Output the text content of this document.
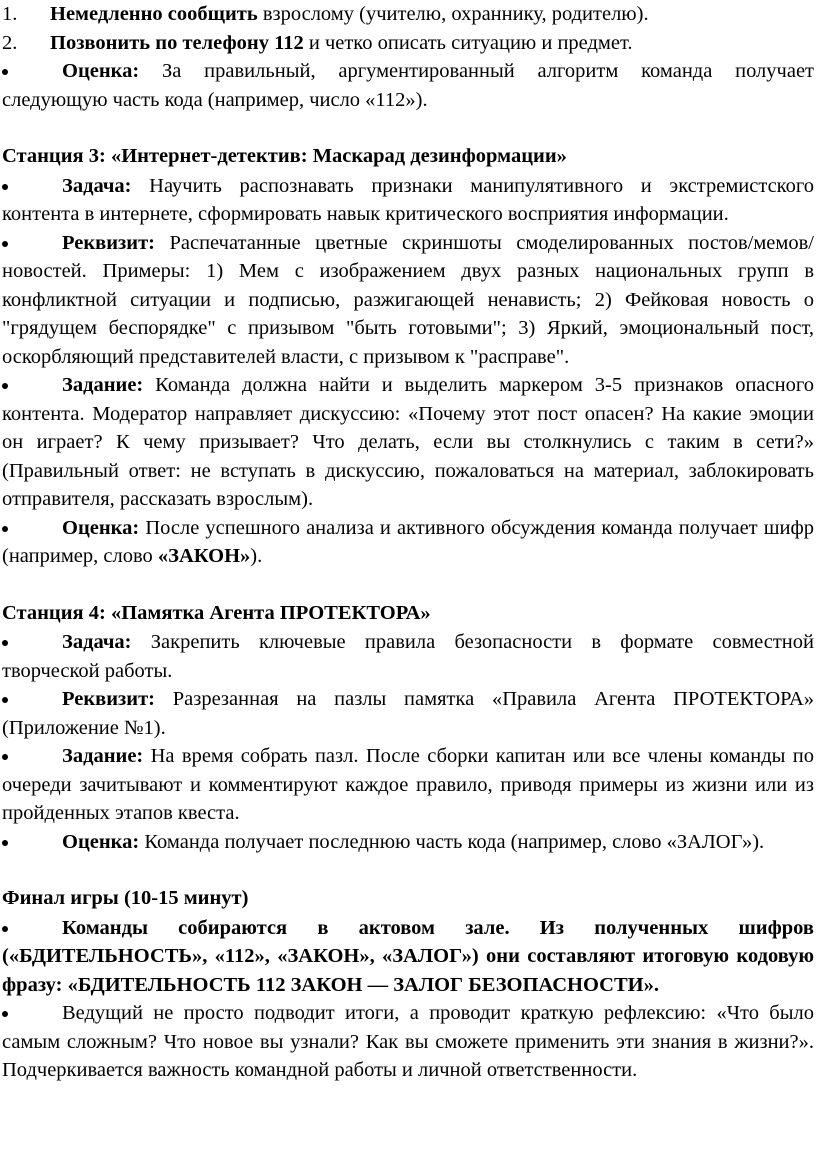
1.	Немедленно сообщить взрослому (учителю, охраннику, родителю).
2.	Позвонить по телефону 112 и четко описать ситуацию и предмет.

Оценка: За правильный, аргументированный алгоритм команда получает следующую часть кода (например, число «112»).

Станция 3: «Интернет-детектив: Маскарад дезинформации»

Задача: Научить распознавать признаки манипулятивного и экстремистского контента в интернете, сформировать навык критического восприятия информации.

Реквизит: Распечатанные цветные скриншоты смоделированных постов/мемов/новостей. Примеры: 1) Мем с изображением двух разных национальных групп в конфликтной ситуации и подписью, разжигающей ненависть; 2) Фейковая новость о "грядущем беспорядке" с призывом "быть готовыми"; 3) Яркий, эмоциональный пост, оскорбляющий представителей власти, с призывом к "расправе".

Задание: Команда должна найти и выделить маркером 3-5 признаков опасного контента. Модератор направляет дискуссию: «Почему этот пост опасен? На какие эмоции он играет? К чему призывает? Что делать, если вы столкнулись с таким в сети?» (Правильный ответ: не вступать в дискуссию, пожаловаться на материал, заблокировать отправителя, рассказать взрослым).

Оценка: После успешного анализа и активного обсуждения команда получает шифр (например, слово «ЗАКОН»).

Станция 4: «Памятка Агента ПРОТЕКТОРА»

Задача: Закрепить ключевые правила безопасности в формате совместной творческой работы.

Реквизит: Разрезанная на пазлы памятка «Правила Агента ПРОТЕКТОРА» (Приложение №1).

Задание: На время собрать пазл. После сборки капитан или все члены команды по очереди зачитывают и комментируют каждое правило, приводя примеры из жизни или из пройденных этапов квеста.

Оценка: Команда получает последнюю часть кода (например, слово «ЗАЛОГ»).

Финал игры (10-15 минут)

Команды собираются в актовом зале. Из полученных шифров («БДИТЕЛЬНОСТЬ», «112», «ЗАКОН», «ЗАЛОГ») они составляют итоговую кодовую фразу: «БДИТЕЛЬНОСТЬ 112 ЗАКОН — ЗАЛОГ БЕЗОПАСНОСТИ».

Ведущий не просто подводит итоги, а проводит краткую рефлексию: «Что было самым сложным? Что новое вы узнали? Как вы сможете применить эти знания в жизни?». Подчеркивается важность командной работы и личной ответственности.
